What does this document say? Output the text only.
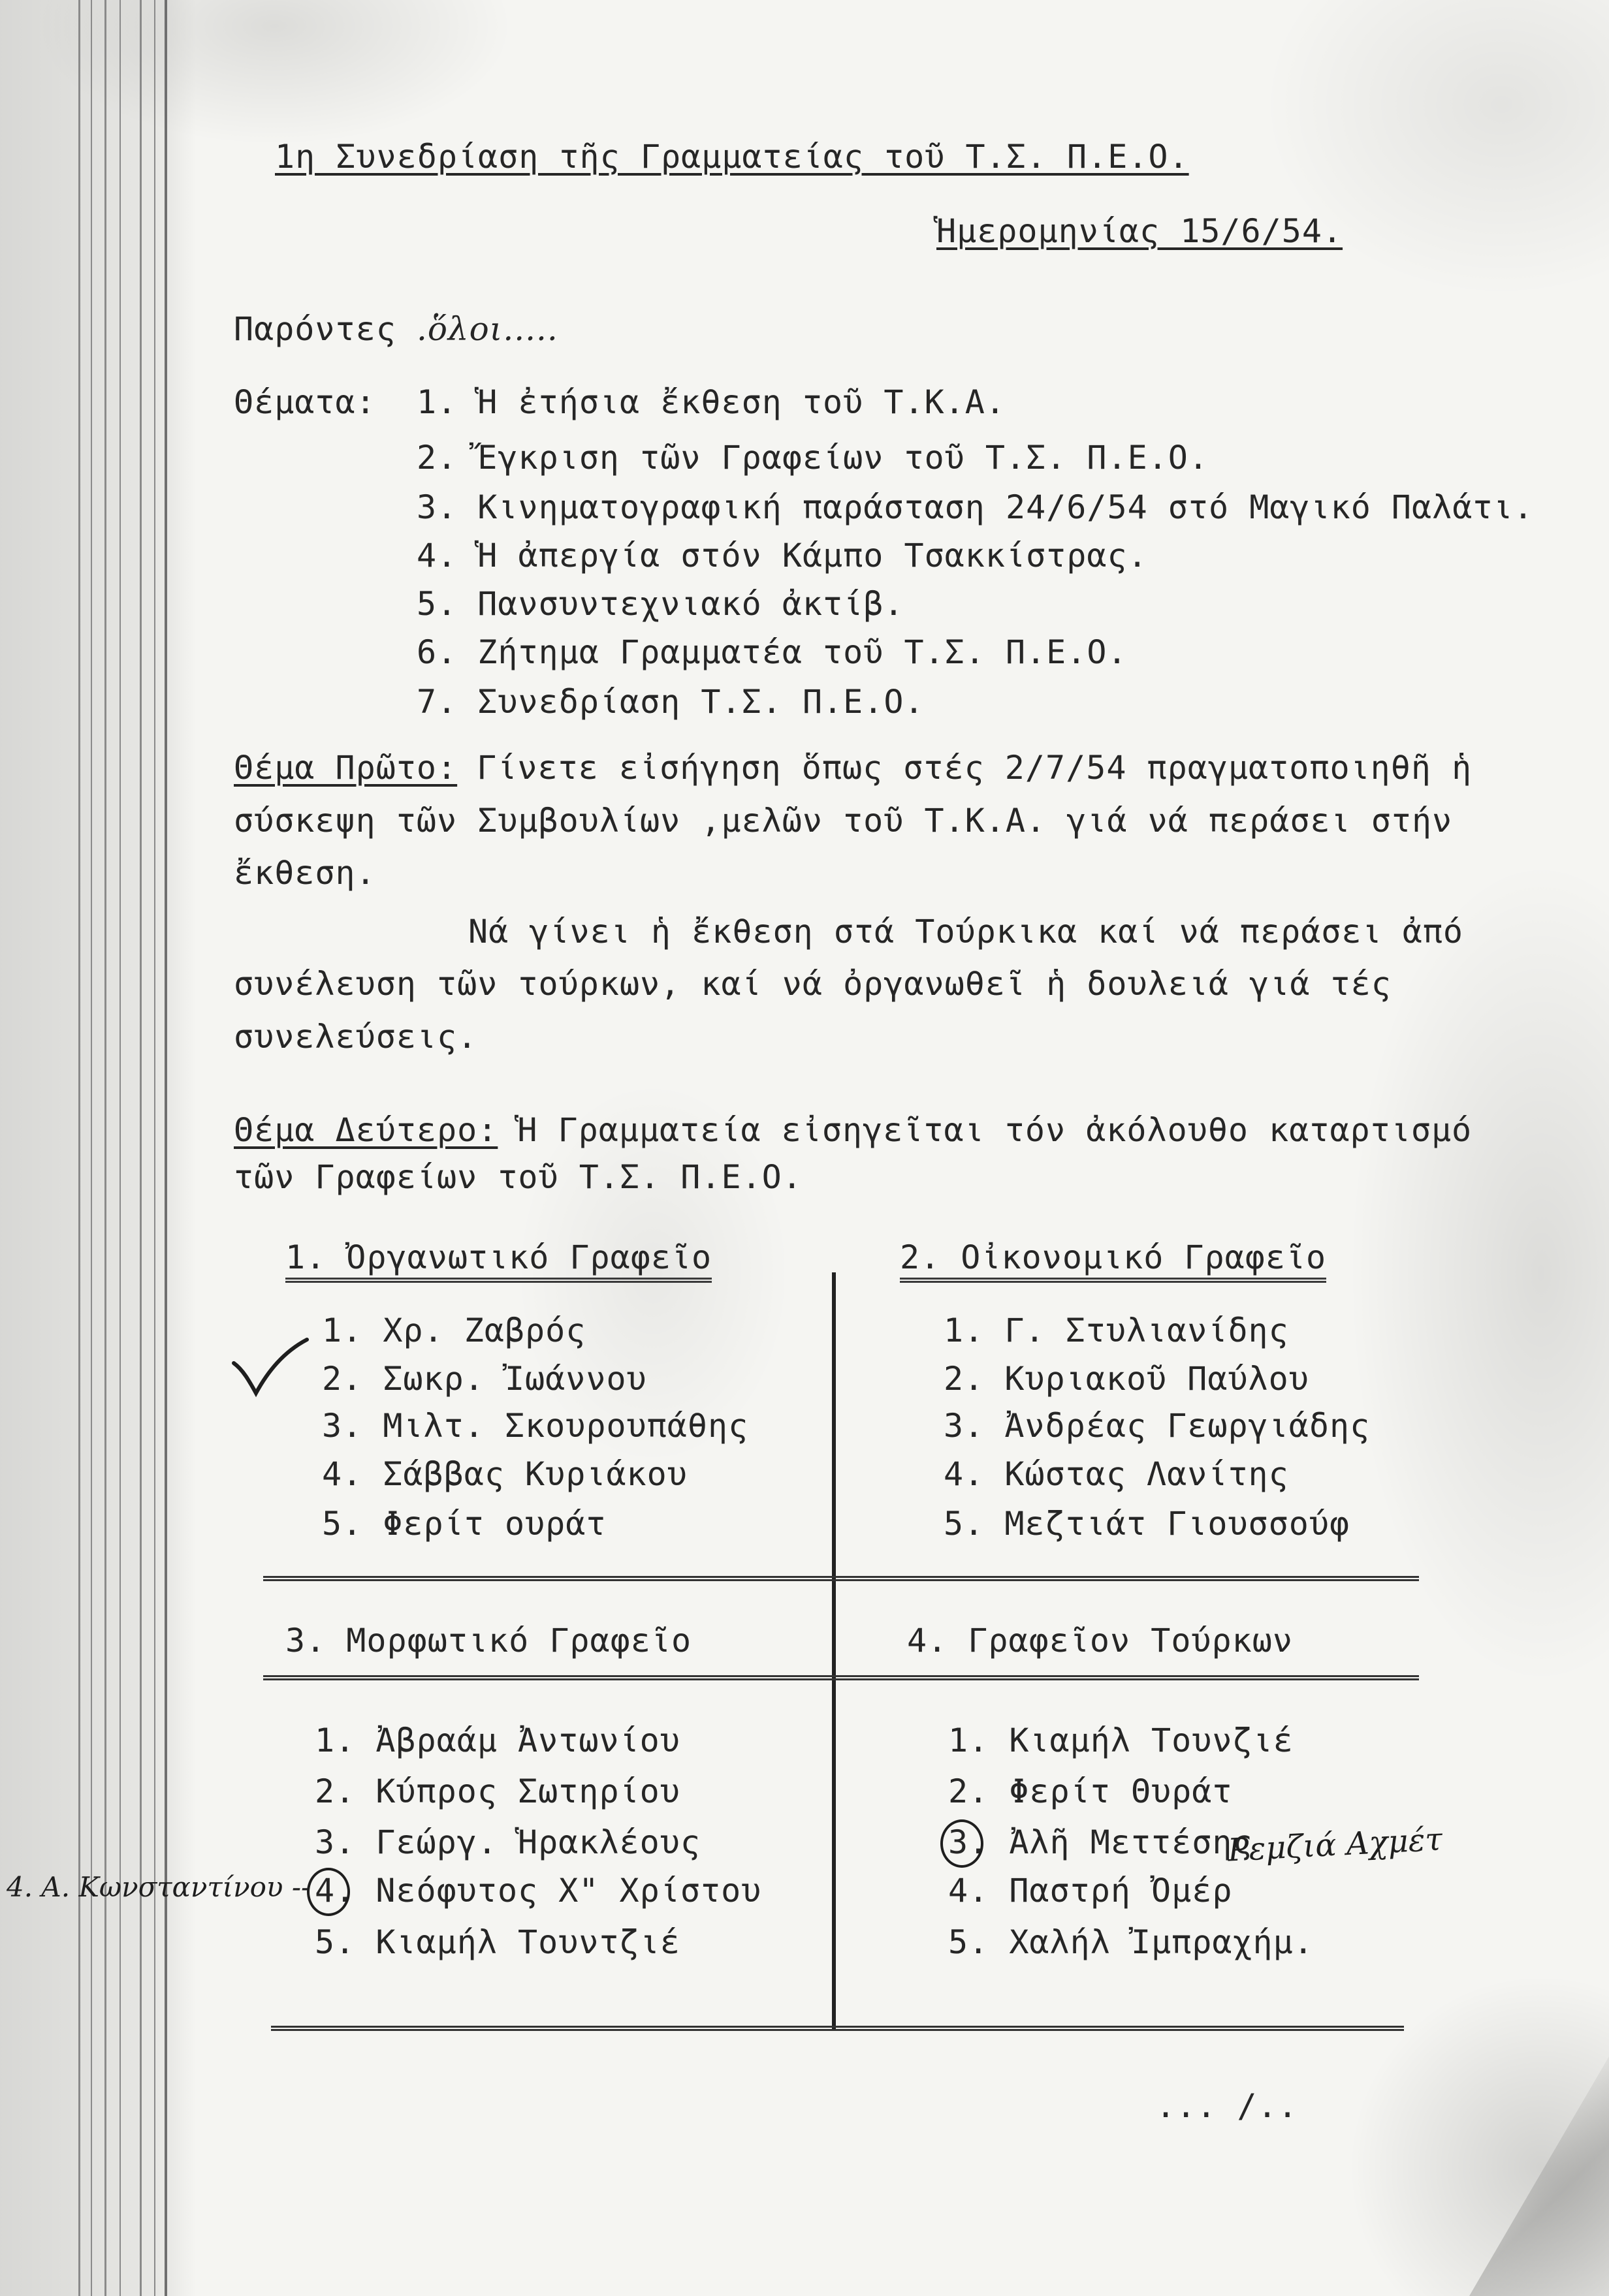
1η Συνεδρίαση τῆς Γραμματείας τοῦ Τ.Σ. Π.Ε.Ο.
Ἡμερομηνίας 15/6/54.
Παρόντες .ὅλοι.....
Θέματα: 1. Ἡ ἐτήσια ἔκθεση τοῦ Τ.Κ.Α.
2. Ἔγκριση τῶν Γραφείων τοῦ Τ.Σ. Π.Ε.Ο.
3. Κινηματογραφική παράσταση 24/6/54 στό Μαγικό Παλάτι.
4. Ἡ ἀπεργία στόν Κάμπο Τσακκίστρας.
5. Πανσυντεχνιακό ἀκτίβ.
6. Ζήτημα Γραμματέα τοῦ Τ.Σ. Π.Ε.Ο.
7. Συνεδρίαση Τ.Σ. Π.Ε.Ο.
Θέμα Πρῶτο: Γίνετε εἰσήγηση ὅπως στές 2/7/54 πραγματοποιηθῆ ἡ
σύσκεψη τῶν Συμβουλίων ,μελῶν τοῦ Τ.Κ.Α. γιά νά περάσει στήν
ἔκθεση.
Νά γίνει ἡ ἔκθεση στά Τούρκικα καί νά περάσει ἀπό
συνέλευση τῶν τούρκων, καί νά ὀργανωθεῖ ἡ δουλειά γιά τές
συνελεύσεις.
Θέμα Δεύτερο: Ἡ Γραμματεία εἰσηγεῖται τόν ἀκόλουθο καταρτισμό
τῶν Γραφείων τοῦ Τ.Σ. Π.Ε.Ο.
1. Ὀργανωτικό Γραφεῖο
1. Χρ. Ζαβρός
2. Σωκρ. Ἰωάννου
3. Μιλτ. Σκουρουπάθης
4. Σάββας Κυριάκου
5. Φερίτ ουράτ
2. Οἰκονομικό Γραφεῖο
1. Γ. Στυλιανίδης
2. Κυριακοῦ Παύλου
3. Ἀνδρέας Γεωργιάδης
4. Κώστας Λανίτης
5. Μεζτιάτ Γιουσσούφ
3. Μορφωτικό Γραφεῖο	4. Γραφεῖον Τούρκων
1. Ἀβραάμ Ἀντωνίου
2. Κύπρος Σωτηρίου
3. Γεώργ. Ἡρακλέους
4. Νεόφυτος Χ" Χρίστου
5. Κιαμήλ Τουντζιέ
1. Κιαμήλ Τουνζιέ
2. Φερίτ Θυράτ
3. Ἀλῆ Μεττέσης
4. Παστρή Ὀμέρ
5. Χαλήλ Ἰμπραχήμ.
4. Α. Κωνσταντίνου --
Ρεμζιά Αχμέτ
... /..
